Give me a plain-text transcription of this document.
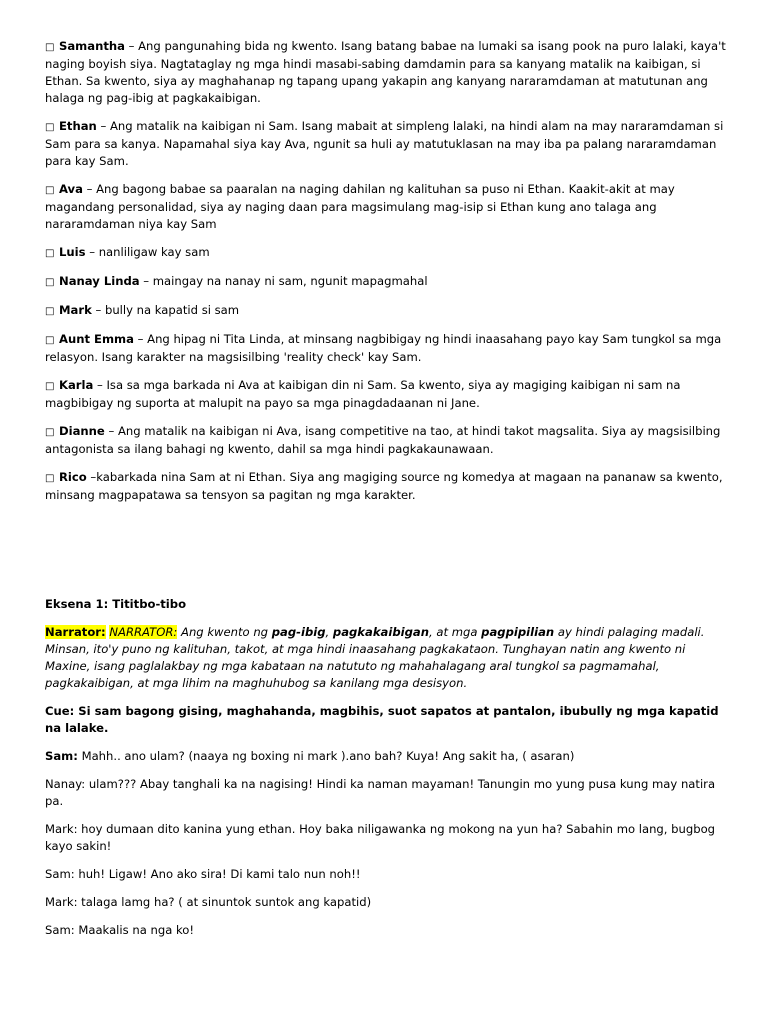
□ Samantha – Ang pangunahing bida ng kwento. Isang batang babae na lumaki sa isang pook na puro lalaki, kaya't naging boyish siya. Nagtataglay ng mga hindi masabi-sabing damdamin para sa kanyang matalik na kaibigan, si Ethan. Sa kwento, siya ay maghahanap ng tapang upang yakapin ang kanyang nararamdaman at matutunan ang halaga ng pag-ibig at pagkakaibigan.

□ Ethan – Ang matalik na kaibigan ni Sam. Isang mabait at simpleng lalaki, na hindi alam na may nararamdaman si Sam para sa kanya. Napamahal siya kay Ava, ngunit sa huli ay matutuklasan na may iba pa palang nararamdaman para kay Sam.

□ Ava – Ang bagong babae sa paaralan na naging dahilan ng kalituhan sa puso ni Ethan. Kaakit-akit at may magandang personalidad, siya ay naging daan para magsimulang mag-isip si Ethan kung ano talaga ang nararamdaman niya kay Sam

□ Luis – nanliligaw kay sam

□ Nanay Linda – maingay na nanay ni sam, ngunit mapagmahal

□ Mark – bully na kapatid si sam

□ Aunt Emma – Ang hipag ni Tita Linda, at minsang nagbibigay ng hindi inaasahang payo kay Sam tungkol sa mga relasyon. Isang karakter na magsisilbing 'reality check' kay Sam.

□ Karla – Isa sa mga barkada ni Ava at kaibigan din ni Sam. Sa kwento, siya ay magiging kaibigan ni sam na magbibigay ng suporta at malupit na payo sa mga pinagdadaanan ni Jane.

□ Dianne – Ang matalik na kaibigan ni Ava, isang competitive na tao, at hindi takot magsalita. Siya ay magsisilbing antagonista sa ilang bahagi ng kwento, dahil sa mga hindi pagkakaunawaan.

□ Rico –kabarkada nina Sam at ni Ethan. Siya ang magiging source ng komedya at magaan na pananaw sa kwento, minsang magpapatawa sa tensyon sa pagitan ng mga karakter.

Eksena 1: Tititbo-tibo

Narrator: NARRATOR: Ang kwento ng pag-ibig, pagkakaibigan, at mga pagpipilian ay hindi palaging madali. Minsan, ito'y puno ng kalituhan, takot, at mga hindi inaasahang pagkakataon. Tunghayan natin ang kwento ni Maxine, isang paglalakbay ng mga kabataan na natututo ng mahahalagang aral tungkol sa pagmamahal, pagkakaibigan, at mga lihim na maghuhubog sa kanilang mga desisyon.

Cue: Si sam bagong gising, maghahanda, magbihis, suot sapatos at pantalon, ibubully ng mga kapatid na lalake.

Sam: Mahh.. ano ulam? (naaya ng boxing ni mark ).ano bah? Kuya! Ang sakit ha, ( asaran)

Nanay: ulam??? Abay tanghali ka na nagising! Hindi ka naman mayaman! Tanungin mo yung pusa kung may natira pa.

Mark: hoy dumaan dito kanina yung ethan. Hoy baka niligawanka ng mokong na yun ha? Sabahin mo lang, bugbog kayo sakin!

Sam: huh! Ligaw! Ano ako sira! Di kami talo nun noh!!

Mark: talaga lamg ha? ( at sinuntok suntok ang kapatid)

Sam: Maakalis na nga ko!
